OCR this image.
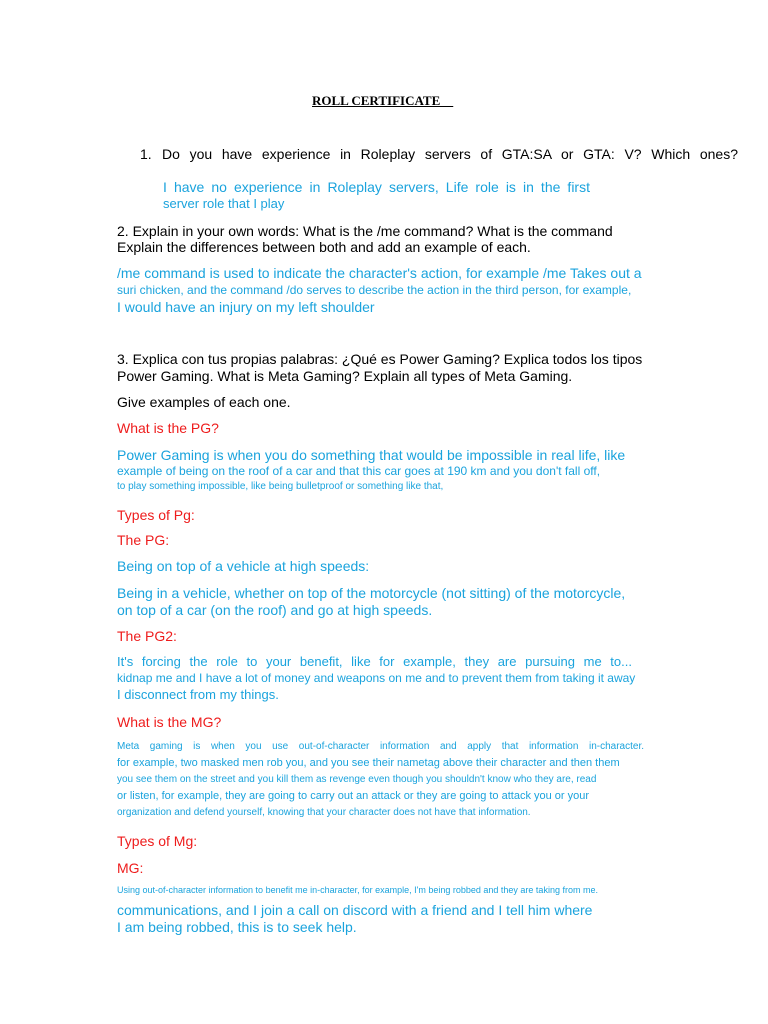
ROLL CERTIFICATE
1. Do you have experience in Roleplay servers of GTA:SA or GTA: V? Which ones?
I have no experience in Roleplay servers, Life role is in the first
server role that I play
2. Explain in your own words: What is the /me command? What is the command
Explain the differences between both and add an example of each.
/me command is used to indicate the character's action, for example /me Takes out a
suri chicken, and the command /do serves to describe the action in the third person, for example,
I would have an injury on my left shoulder
3. Explica con tus propias palabras: ¿Qué es Power Gaming? Explica todos los tipos
Power Gaming. What is Meta Gaming? Explain all types of Meta Gaming.
Give examples of each one.
What is the PG?
Power Gaming is when you do something that would be impossible in real life, like
example of being on the roof of a car and that this car goes at 190 km and you don't fall off,
to play something impossible, like being bulletproof or something like that,
Types of Pg:
The PG:
Being on top of a vehicle at high speeds:
Being in a vehicle, whether on top of the motorcycle (not sitting) of the motorcycle,
on top of a car (on the roof) and go at high speeds.
The PG2:
It's forcing the role to your benefit, like for example, they are pursuing me to...
kidnap me and I have a lot of money and weapons on me and to prevent them from taking it away
I disconnect from my things.
What is the MG?
Meta gaming is when you use out-of-character information and apply that information in-character.
for example, two masked men rob you, and you see their nametag above their character and then them
you see them on the street and you kill them as revenge even though you shouldn't know who they are, read
or listen, for example, they are going to carry out an attack or they are going to attack you or your
organization and defend yourself, knowing that your character does not have that information.
Types of Mg:
MG:
Using out-of-character information to benefit me in-character, for example, I'm being robbed and they are taking from me.
communications, and I join a call on discord with a friend and I tell him where
I am being robbed, this is to seek help.
